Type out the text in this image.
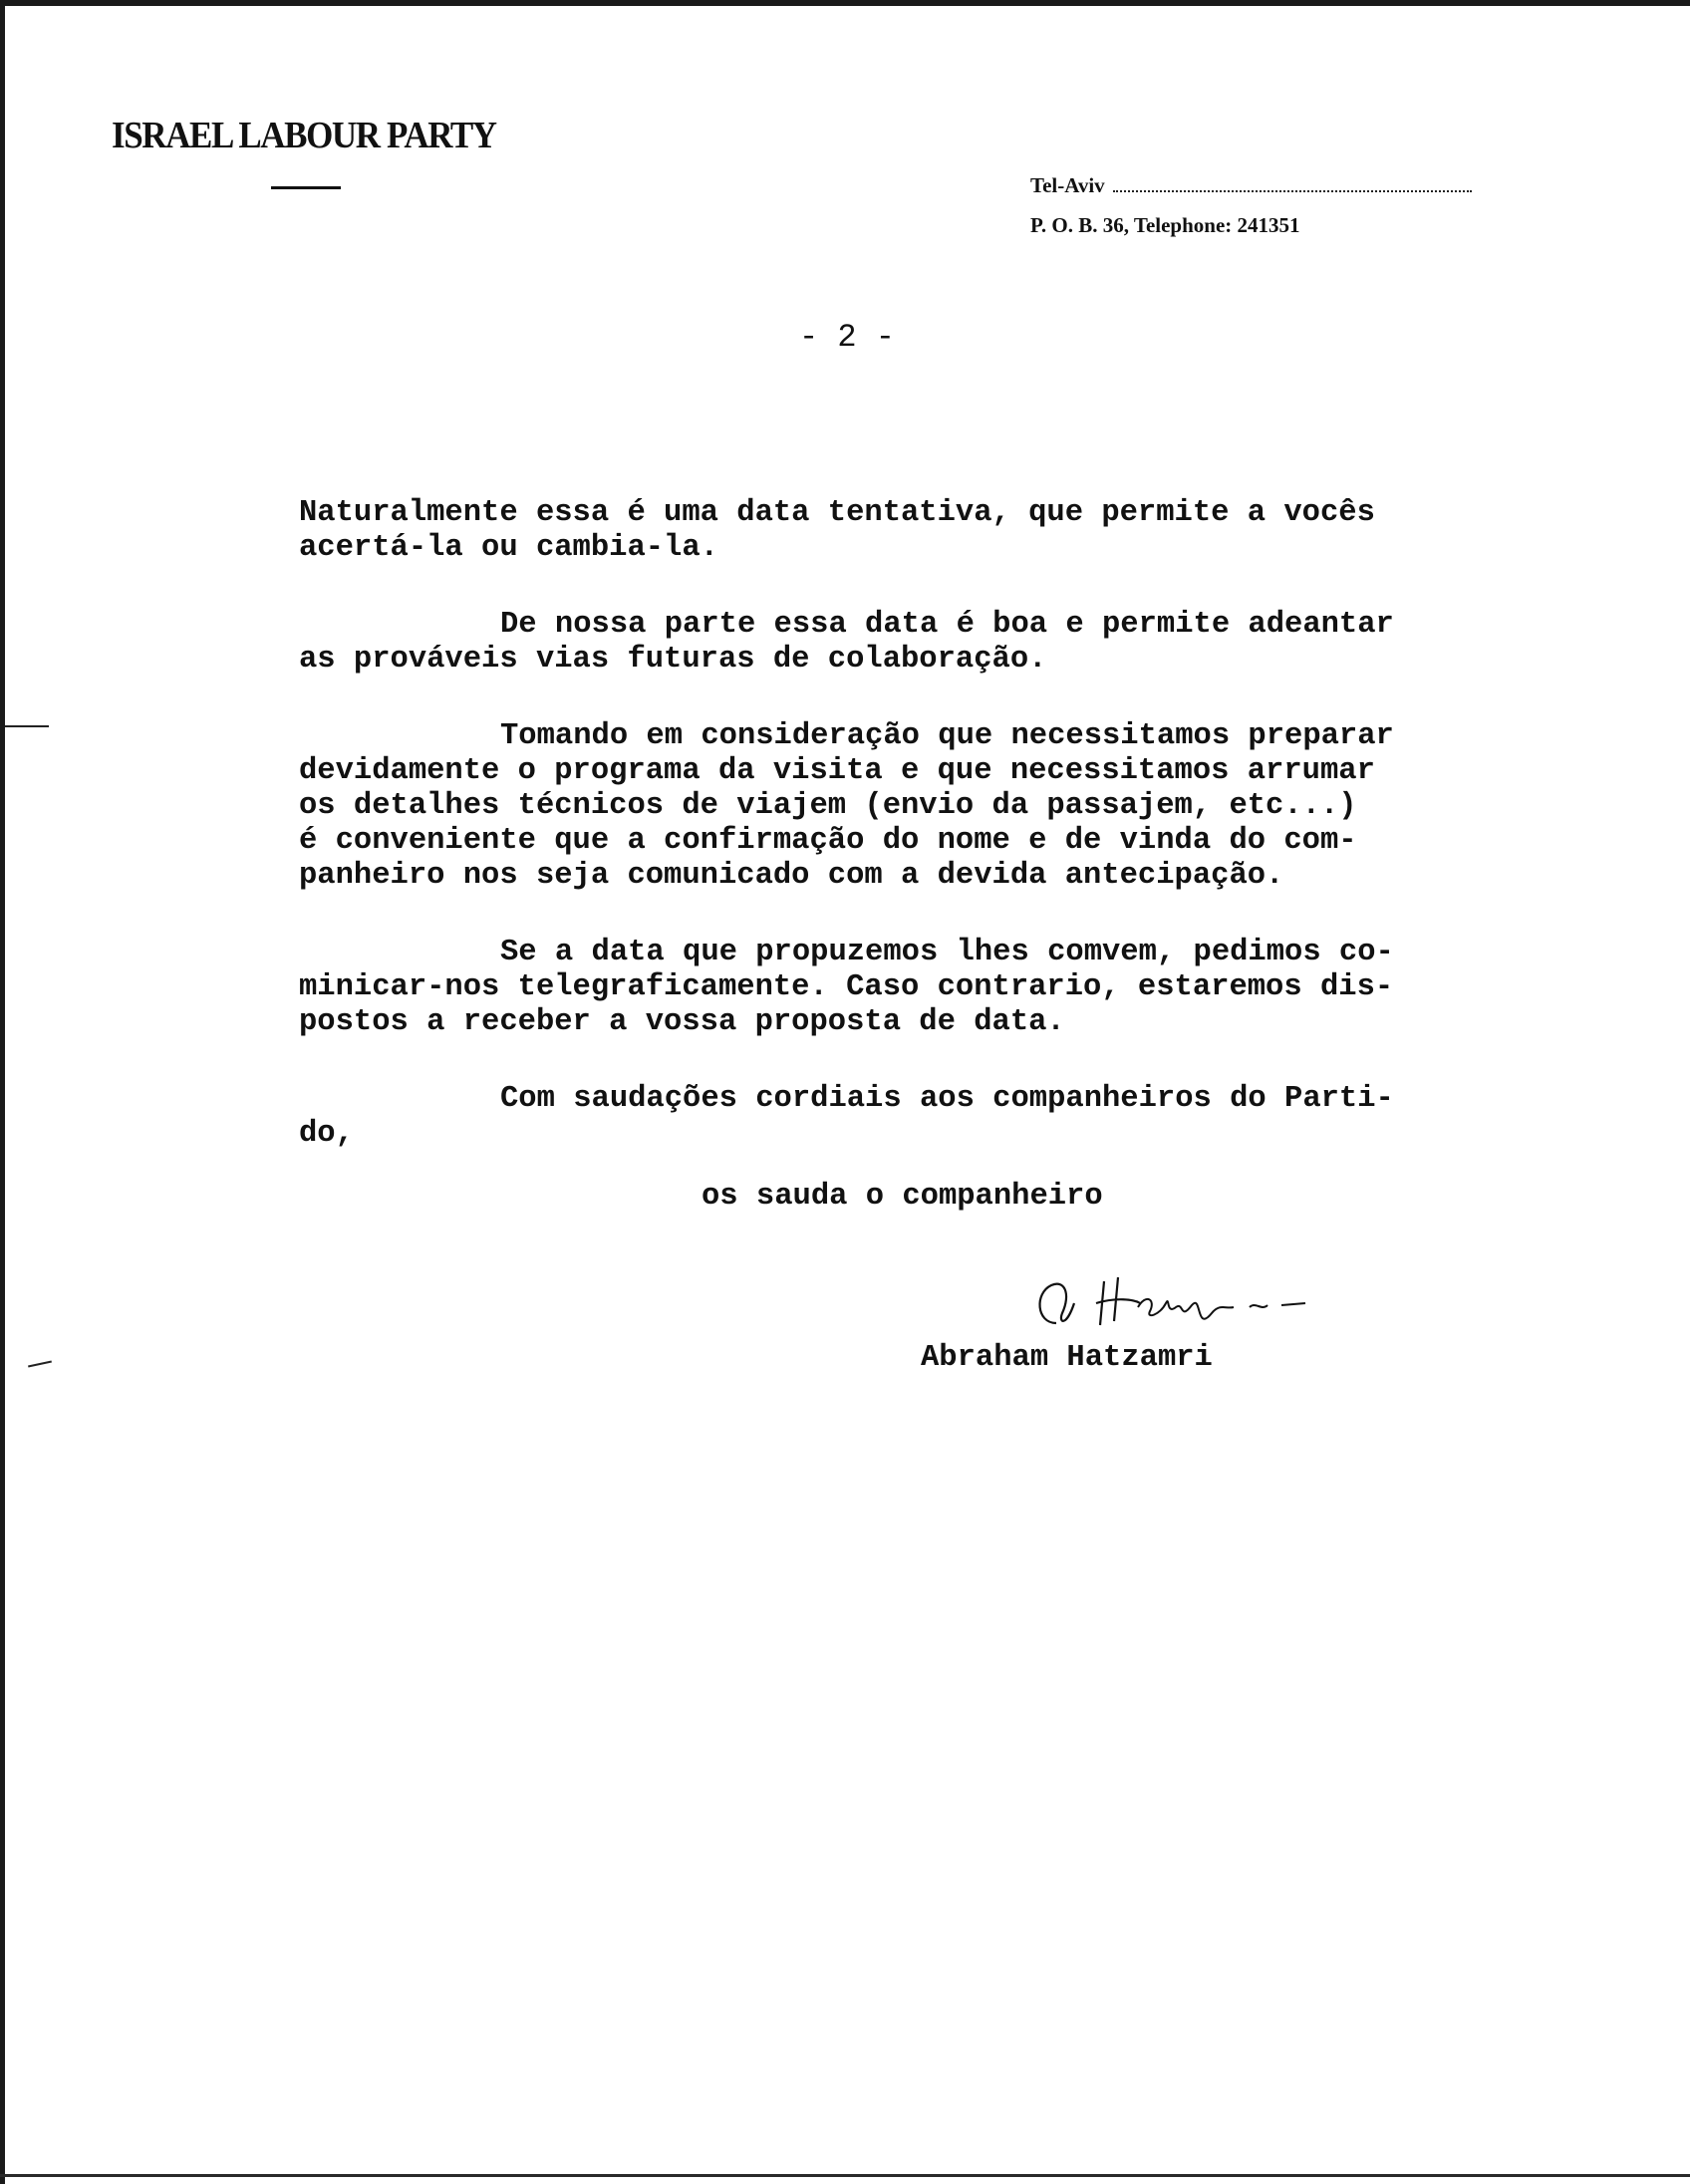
ISRAEL LABOUR PARTY
Tel-Aviv
P. O. B. 36, Telephone: 241351
- 2 -

Naturalmente essa é uma data tentativa, que permite a vocês
acertá-la ou cambia-la.

De nossa parte essa data é boa e permite adeantar
as prováveis vias futuras de colaboração.

Tomando em consideração que necessitamos preparar
devidamente o programa da visita e que necessitamos arrumar
os detalhes técnicos de viajem (envio da passajem, etc...)
é conveniente que a confirmação do nome e de vinda do com-
panheiro nos seja comunicado com a devida antecipação.

Se a data que propuzemos lhes comvem, pedimos co-
minicar-nos telegraficamente. Caso contrario, estaremos dis-
postos a receber a vossa proposta de data.

Com saudações cordiais aos companheiros do Parti-
do,

os sauda o companheiro
Abraham Hatzamri
